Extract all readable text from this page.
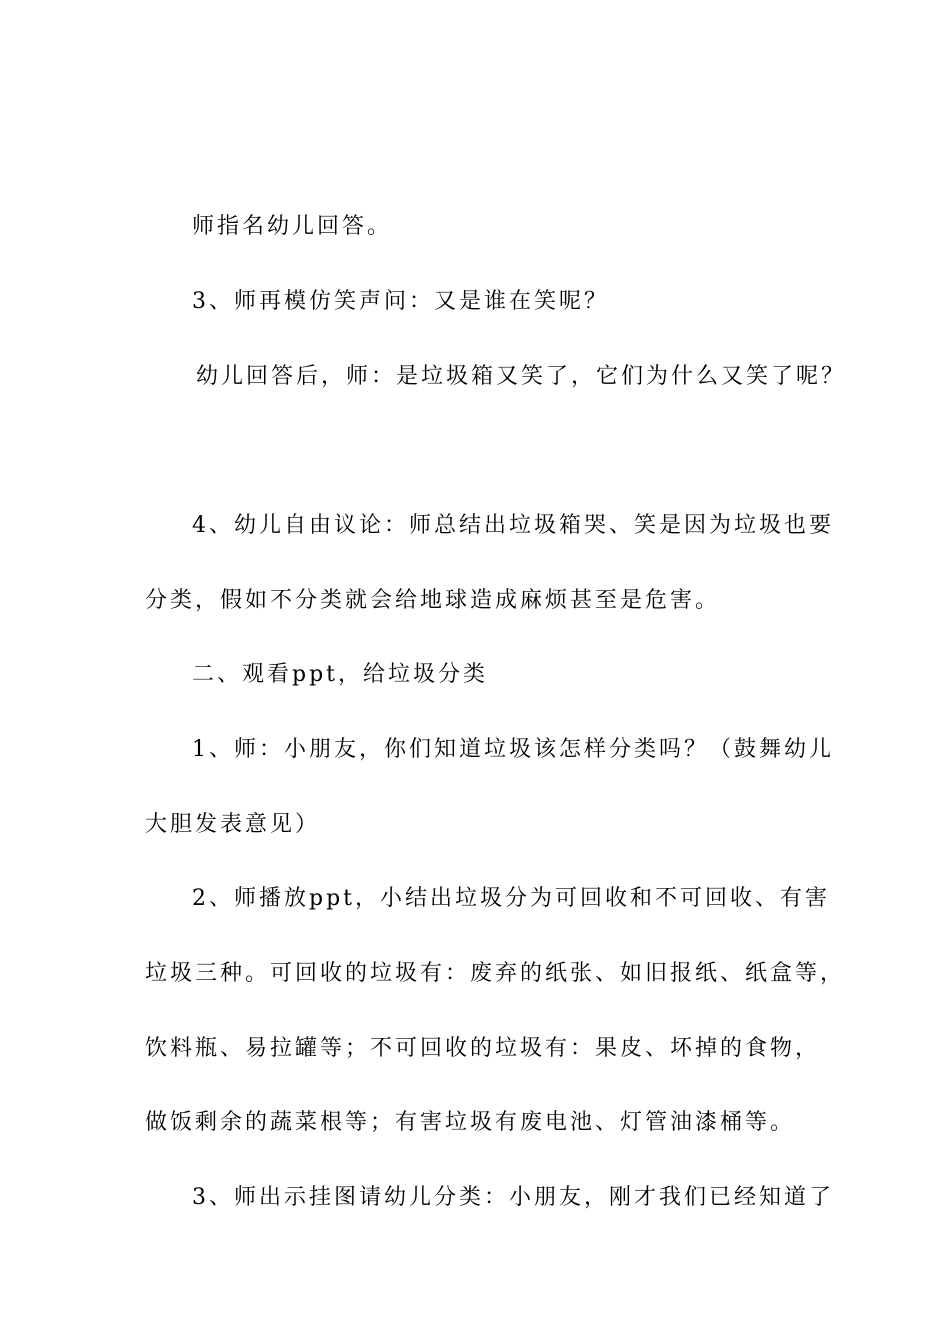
师指名幼儿回答。
3、师再模仿笑声问：又是谁在笑呢？
幼儿回答后，师：是垃圾箱又笑了，它们为什么又笑了呢？
4、幼儿自由议论：师总结出垃圾箱哭、笑是因为垃圾也要
分类，假如不分类就会给地球造成麻烦甚至是危害。
二、观看ppt，给垃圾分类
1、师：小朋友，你们知道垃圾该怎样分类吗？（鼓舞幼儿
大胆发表意见）
2、师播放ppt，小结出垃圾分为可回收和不可回收、有害
垃圾三种。可回收的垃圾有：废弃的纸张、如旧报纸、纸盒等，
饮料瓶、易拉罐等；不可回收的垃圾有：果皮、坏掉的食物，
做饭剩余的蔬菜根等；有害垃圾有废电池、灯管油漆桶等。
3、师出示挂图请幼儿分类：小朋友，刚才我们已经知道了
